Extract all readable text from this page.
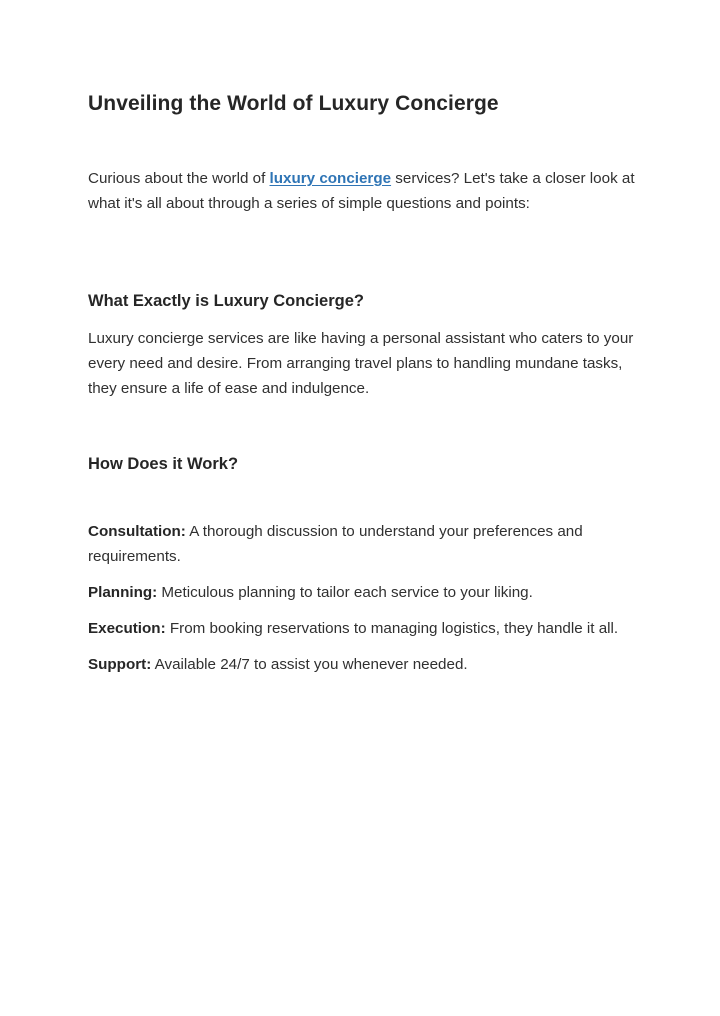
Unveiling the World of Luxury Concierge

Curious about the world of luxury concierge services? Let's take a closer look at what it's all about through a series of simple questions and points:

What Exactly is Luxury Concierge?

Luxury concierge services are like having a personal assistant who caters to your every need and desire. From arranging travel plans to handling mundane tasks, they ensure a life of ease and indulgence.

How Does it Work?

Consultation: A thorough discussion to understand your preferences and requirements.

Planning: Meticulous planning to tailor each service to your liking.

Execution: From booking reservations to managing logistics, they handle it all.

Support: Available 24/7 to assist you whenever needed.
